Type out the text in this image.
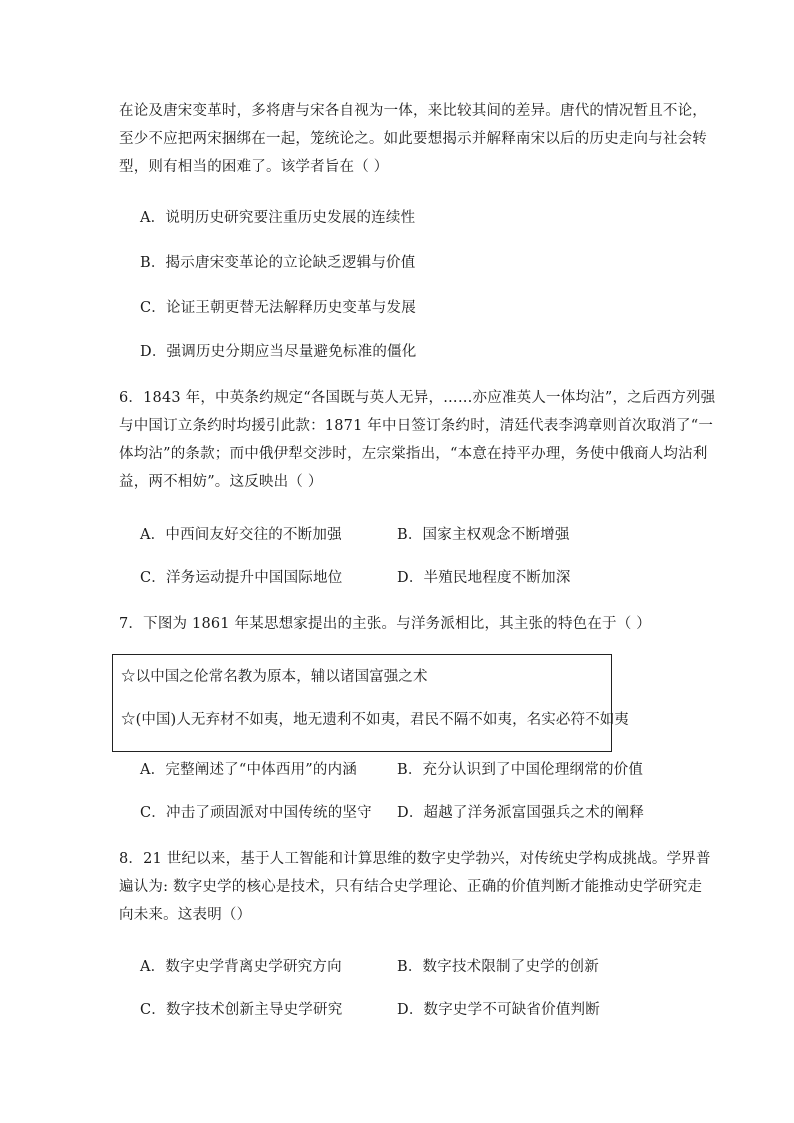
在论及唐宋变革时，多将唐与宋各自视为一体，来比较其间的差异。唐代的情况暂且不论，
至少不应把两宋捆绑在一起，笼统论之。如此要想揭示并解释南宋以后的历史走向与社会转
型，则有相当的困难了。该学者旨在（ ）
A．说明历史研究要注重历史发展的连续性
B．揭示唐宋变革论的立论缺乏逻辑与价值
C．论证王朝更替无法解释历史变革与发展
D．强调历史分期应当尽量避免标准的僵化
6．1843 年，中英条约规定“各国既与英人无异，……亦应准英人一体均沾”，之后西方列强
与中国订立条约时均援引此款：1871 年中日签订条约时，清廷代表李鸿章则首次取消了“一
体均沾”的条款；而中俄伊犁交涉时，左宗棠指出，“本意在持平办理，务使中俄商人均沾利
益，两不相妨”。这反映出（ ）
A．中西间友好交往的不断加强	B．国家主权观念不断增强
C．洋务运动提升中国国际地位	D．半殖民地程度不断加深
7．下图为 1861 年某思想家提出的主张。与洋务派相比，其主张的特色在于（ ）
☆以中国之伦常名教为原本，辅以诸国富强之术
☆(中国)人无弃材不如夷，地无遗利不如夷，君民不隔不如夷，名实必符不如夷
A．完整阐述了“中体西用”的内涵	B．充分认识到了中国伦理纲常的价值
C．冲击了顽固派对中国传统的坚守 D．超越了洋务派富国强兵之术的阐释
8．21 世纪以来，基于人工智能和计算思维的数字史学勃兴，对传统史学构成挑战。学界普
遍认为: 数字史学的核心是技术，只有结合史学理论、正确的价值判断才能推动史学研究走
向未来。这表明（）
A．数字史学背离史学研究方向	B．数字技术限制了史学的创新
C．数字技术创新主导史学研究	D．数字史学不可缺省价值判断
